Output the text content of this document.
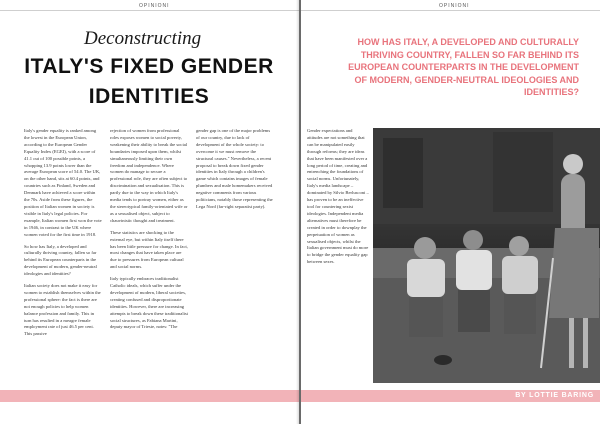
OPINIONI
Deconstructing
ITALY'S FIXED GENDER IDENTITIES

Italy's gender equality is ranked among the lowest in the European Union, according to the European Gender Equality Index (EGEI), with a score of 41.1 out of 100 possible points, a whopping 13.9 points lower than the average European score of 54.0. The UK, on the other hand, sits at 60.4 points, and countries such as Finland, Sweden and Denmark have achieved a score within the 70s. Aside from these figures, the position of Italian women in society is visible in Italy's legal policies. For example, Italian women first won the vote in 1946, in contrast to the UK where women voted for the first time in 1918.

So how has Italy, a developed and culturally thriving country, fallen so far behind its European counterparts in the development of modern, gender-neutral ideologies and identities?

Italian society does not make it easy for women to establish themselves within the professional sphere: the fact is there are not enough policies to help women balance profession and family. This in turn has resulted in a meagre female employment rate of just 46.5 per cent. This passive

rejection of women from professional roles exposes women to social poverty, weakening their ability to break the social boundaries imposed upon them, whilst simultaneously limiting their own freedom and independence. Where women do manage to secure a professional role, they are often subject to discrimination and sexualisation. This is partly due to the way in which Italy's media tends to portray women, either as the stereotypical family-orientated wife or as a sexualised object, subject to chauvinistic thought and treatment.

These statistics are shocking to the external eye, but within Italy itself there has been little pressure for change. In fact, most changes that have taken place are due to pressures from European cultural and social norms.

Italy typically embraces traditionalist Catholic ideals, which suffer under the development of modern, liberal societies, creating confused and disproportionate identities. However, there are increasing attempts to break down these traditionalist social structures, as Fabiana Martini, deputy mayor of Trieste, notes: "The

gender gap is one of the major problems of our country, due to lack of development of the whole society: to overcome it we must remove the structural causes." Nevertheless, a recent proposal to break down fixed gender identities in Italy through a children's game which contains images of female plumbers and male homemakers received negative comments from various politicians, notably those representing the Lega Nord (far-right separatist party).

OPINIONI
HOW HAS ITALY, A DEVELOPED AND CULTURALLY THRIVING COUNTRY, FALLEN SO FAR BEHIND ITS EUROPEAN COUNTERPARTS IN THE DEVELOPMENT OF MODERN, GENDER-NEUTRAL IDEOLOGIES AND IDENTITIES?

Gender expectations and attitudes are not something that can be manipulated easily through reforms; they are ideas that have been manifested over a long period of time, creating and entrenching the foundations of social norms. Unfortunately, Italy's media landscape – dominated by Silvio Berlusconi – has proven to be an ineffective tool for countering sexist ideologies. Independent media alternatives must therefore be created in order to downplay the perpetuation of women as sexualised objects, whilst the Italian government must do more to bridge the gender equality gap between sexes.

BY LOTTIE BARING
